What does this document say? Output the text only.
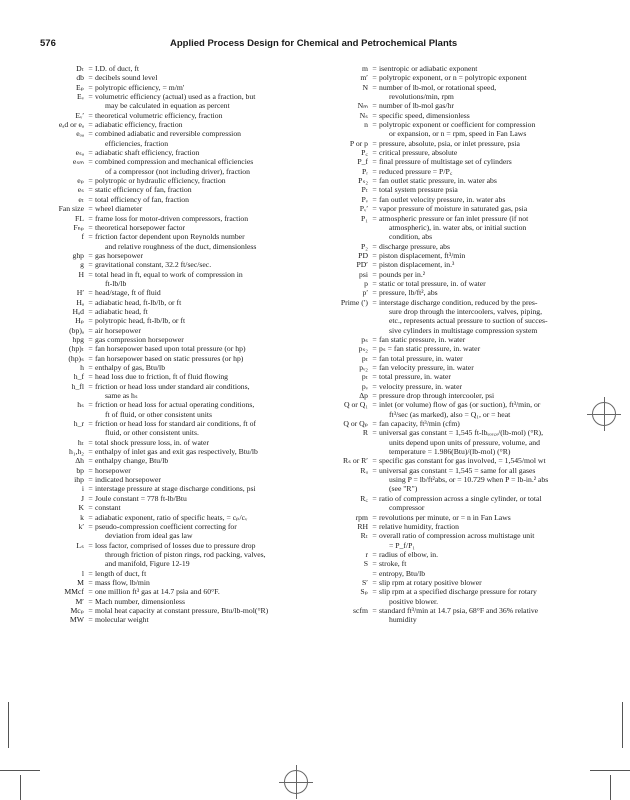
576	Applied Process Design for Chemical and Petrochemical Plants
Dₜ = I.D. of duct, ft
db = decibels sound level
Eₚ = polytropic efficiency, = m/m′
Eᵥ = volumetric efficiency (actual) used as a fraction, but
may be calculated in equation as percent
Eᵥ′ = theoretical volumetric efficiency, fraction
eₐd or eₐ = adiabatic efficiency, fraction
eₒₐ = combined adiabatic and reversible compression
efficiencies, fraction
eₛₐ = adiabatic shaft efficiency, fraction
eₛₘ = combined compression and mechanical efficiencies
of a compressor (not including driver), fraction
eₚ = polytropic or hydraulic efficiency, fraction
eₛ = static efficiency of fan, fraction
eₜ = total efficiency of fan, fraction
Fan size = wheel diameter
FL = frame loss for motor-driven compressors, fraction
Fₕₚ = theoretical horsepower factor
f = friction factor dependent upon Reynolds number
and relative roughness of the duct, dimensionless
ghp = gas horsepower
g = gravitational constant, 32.2 ft/sec/sec.
H = total head in ft, equal to work of compression in
ft-lb/lb
H′ = head/stage, ft of fluid
Hₐ = adiabatic head, ft-lb/lb, or ft
Hₐd = adiabatic head, ft
Hₚ = polytropic head, ft-lb/lb, or ft
(bp)ₐ = air horsepower
hpg = gas compression horsepower
(hp)ₜ = fan horsepower based upon total pressure (or hp)
(hp)ₛ = fan horsepower based on static pressures (or hp)
h = enthalpy of gas, Btu/lb
h_f = head loss due to friction, ft of fluid flowing
h_fl = friction or head loss under standard air conditions,
same as hₛ
hₛ = friction or head loss for actual operating conditions,
ft of fluid, or other consistent units
h_r = friction or head loss for standard air conditions, ft of
fluid, or other consistent units.
hₜ = total shock pressure loss, in. of water
h₁,h₂ = enthalpy of inlet gas and exit gas respectively, Btu/lb
Δh = enthalpy change, Btu/lb
bp = horsepower
ihp = indicated horsepower
i = interstage pressure at stage discharge conditions, psi
J = Joule constant = 778 ft-lb/Btu
K = constant
k = adiabatic exponent, ratio of specific heats, = cₚ/cᵥ
k′ = pseudo-compression coefficient correcting for
deviation from ideal gas law
Lₛ = loss factor, comprised of losses due to pressure drop
through friction of piston rings, rod packing, valves,
and manifold, Figure 12-19
l = length of duct, ft
M = mass flow, lb/min
MMcf = one million ft³ gas at 14.7 psia and 60°F.
M′ = Mach number, dimensionless
Mcₚ = molal heat capacity at constant pressure, Btu/lb-mol(°R)
MW = molecular weight
m = isentropic or adiabatic exponent
m′ = polytropic exponent, or n = polytropic exponent
N = number of lb-mol, or rotational speed,
revolutions/min, rpm
Nₘ = number of lb-mol gas/hr
Nₛ = specific speed, dimensionless
n = polytropic exponent or coefficient for compression
or expansion, or n = rpm, speed in Fan Laws
P or p = pressure, absolute, psia, or inlet pressure, psia
P꜀ = critical pressure, absolute
P_f = final pressure of multistage set of cylinders
Pᵣ = reduced pressure = P/P꜀
Pₛ₂ = fan outlet static pressure, in. water abs
Pₜ = total system pressure psia
Pᵥ = fan outlet velocity pressure, in. water abs
Pᵥ′ = vapor pressure of moisture in saturated gas, psia
P₁ = atmospheric pressure or fan inlet pressure (if not
atmospheric), in. water abs, or initial suction
condition, abs
P₂ = discharge pressure, abs
PD = piston displacement, ft³/min
PD′ = piston displacement, in.³
psi = pounds per in.²
p = static or total pressure, in. of water
p′ = pressure, lb/ft², abs
Prime (′) = interstage discharge condition, reduced by the pres-
sure drop through the intercoolers, valves, piping,
etc., represents actual pressure to suction of succes-
sive cylinders in multistage compression system
pₛ = fan static pressure, in. water
pₛ₂ = pₛ = fan static pressure, in. water
pₜ = fan total pressure, in. water
pᵥ₂ = fan velocity pressure, in. water
pₜ = total pressure, in. water
pᵥ = velocity pressure, in. water
Δp = pressure drop through intercooler, psi
Q or Q₁ = inlet (or volume) flow of gas (or suction), ft³/min, or
ft³/sec (as marked), also = Q₁, or = heat
Q or Qₚ = fan capacity, ft³/min (cfm)
R = universal gas constant = 1,545 ft-lbₑₒᵣ꜀ₑ/(lb-mol) (°R),
units depend upon units of pressure, volume, and
temperature = 1.986(Btu)/(lb-mol) (°R)
Rₛ or R′ = specific gas constant for gas involved, = 1,545/mol wt
Rᵤ = universal gas constant = 1,545 = same for all gases
using P = lb/ft²abs, or = 10.729 when P = lb-in.² abs
(see "R")
R꜀ = ratio of compression across a single cylinder, or total
compressor
rpm = revolutions per minute, or = n in Fan Laws
RH = relative humidity, fraction
Rₜ = overall ratio of compression across multistage unit
= P_f/P₁
r = radius of elbow, in.
S = stroke, ft
= entropy, Btu/lb
S′ = slip rpm at rotary positive blower
Sₚ = slip rpm at a specified discharge pressure for rotary
positive blower.
scfm = standard ft³/min at 14.7 psia, 68°F and 36% relative
humidity
